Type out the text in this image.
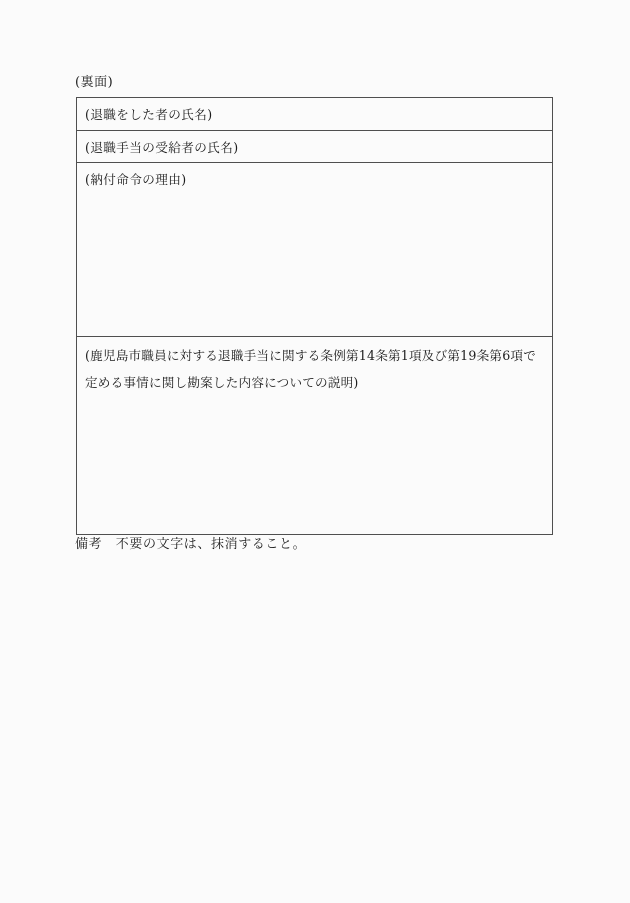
(裏面)
(退職をした者の氏名)
(退職手当の受給者の氏名)
(納付命令の理由)
(鹿児島市職員に対する退職手当に関する条例第14条第1項及び第19条第6項で定める事情に関し勘案した内容についての説明)
備考　不要の文字は、抹消すること。
